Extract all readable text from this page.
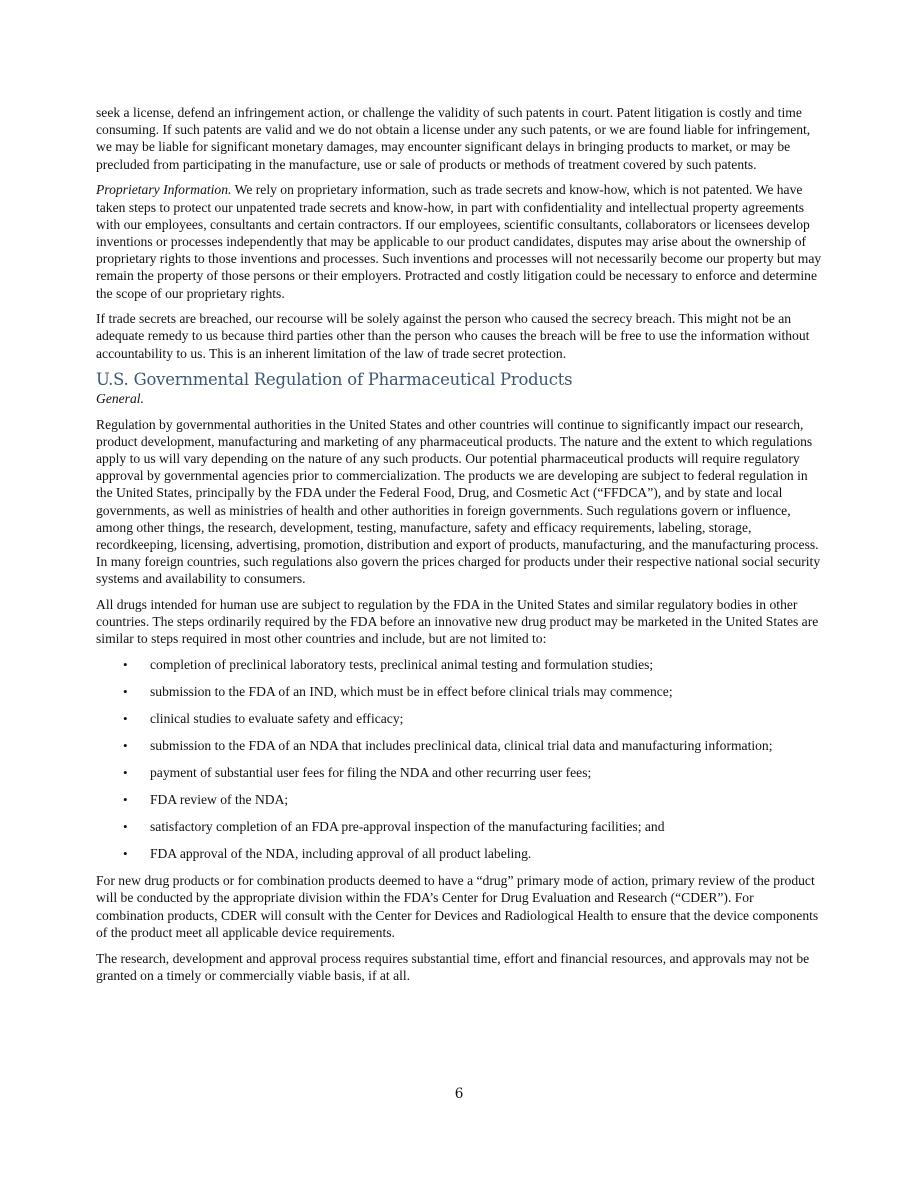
seek a license, defend an infringement action, or challenge the validity of such patents in court. Patent litigation is costly and time consuming. If such patents are valid and we do not obtain a license under any such patents, or we are found liable for infringement, we may be liable for significant monetary damages, may encounter significant delays in bringing products to market, or may be precluded from participating in the manufacture, use or sale of products or methods of treatment covered by such patents.

Proprietary Information. We rely on proprietary information, such as trade secrets and know-how, which is not patented. We have taken steps to protect our unpatented trade secrets and know-how, in part with confidentiality and intellectual property agreements with our employees, consultants and certain contractors. If our employees, scientific consultants, collaborators or licensees develop inventions or processes independently that may be applicable to our product candidates, disputes may arise about the ownership of proprietary rights to those inventions and processes. Such inventions and processes will not necessarily become our property but may remain the property of those persons or their employers. Protracted and costly litigation could be necessary to enforce and determine the scope of our proprietary rights.

If trade secrets are breached, our recourse will be solely against the person who caused the secrecy breach. This might not be an adequate remedy to us because third parties other than the person who causes the breach will be free to use the information without accountability to us. This is an inherent limitation of the law of trade secret protection.

U.S. Governmental Regulation of Pharmaceutical Products
General.

Regulation by governmental authorities in the United States and other countries will continue to significantly impact our research, product development, manufacturing and marketing of any pharmaceutical products. The nature and the extent to which regulations apply to us will vary depending on the nature of any such products. Our potential pharmaceutical products will require regulatory approval by governmental agencies prior to commercialization. The products we are developing are subject to federal regulation in the United States, principally by the FDA under the Federal Food, Drug, and Cosmetic Act (“FFDCA”), and by state and local governments, as well as ministries of health and other authorities in foreign governments. Such regulations govern or influence, among other things, the research, development, testing, manufacture, safety and efficacy requirements, labeling, storage, recordkeeping, licensing, advertising, promotion, distribution and export of products, manufacturing, and the manufacturing process. In many foreign countries, such regulations also govern the prices charged for products under their respective national social security systems and availability to consumers.

All drugs intended for human use are subject to regulation by the FDA in the United States and similar regulatory bodies in other countries. The steps ordinarily required by the FDA before an innovative new drug product may be marketed in the United States are similar to steps required in most other countries and include, but are not limited to:

• completion of preclinical laboratory tests, preclinical animal testing and formulation studies;
• submission to the FDA of an IND, which must be in effect before clinical trials may commence;
• clinical studies to evaluate safety and efficacy;
• submission to the FDA of an NDA that includes preclinical data, clinical trial data and manufacturing information;
• payment of substantial user fees for filing the NDA and other recurring user fees;
• FDA review of the NDA;
• satisfactory completion of an FDA pre-approval inspection of the manufacturing facilities; and
• FDA approval of the NDA, including approval of all product labeling.

For new drug products or for combination products deemed to have a “drug” primary mode of action, primary review of the product will be conducted by the appropriate division within the FDA’s Center for Drug Evaluation and Research (“CDER”). For combination products, CDER will consult with the Center for Devices and Radiological Health to ensure that the device components of the product meet all applicable device requirements.

The research, development and approval process requires substantial time, effort and financial resources, and approvals may not be granted on a timely or commercially viable basis, if at all.

6
